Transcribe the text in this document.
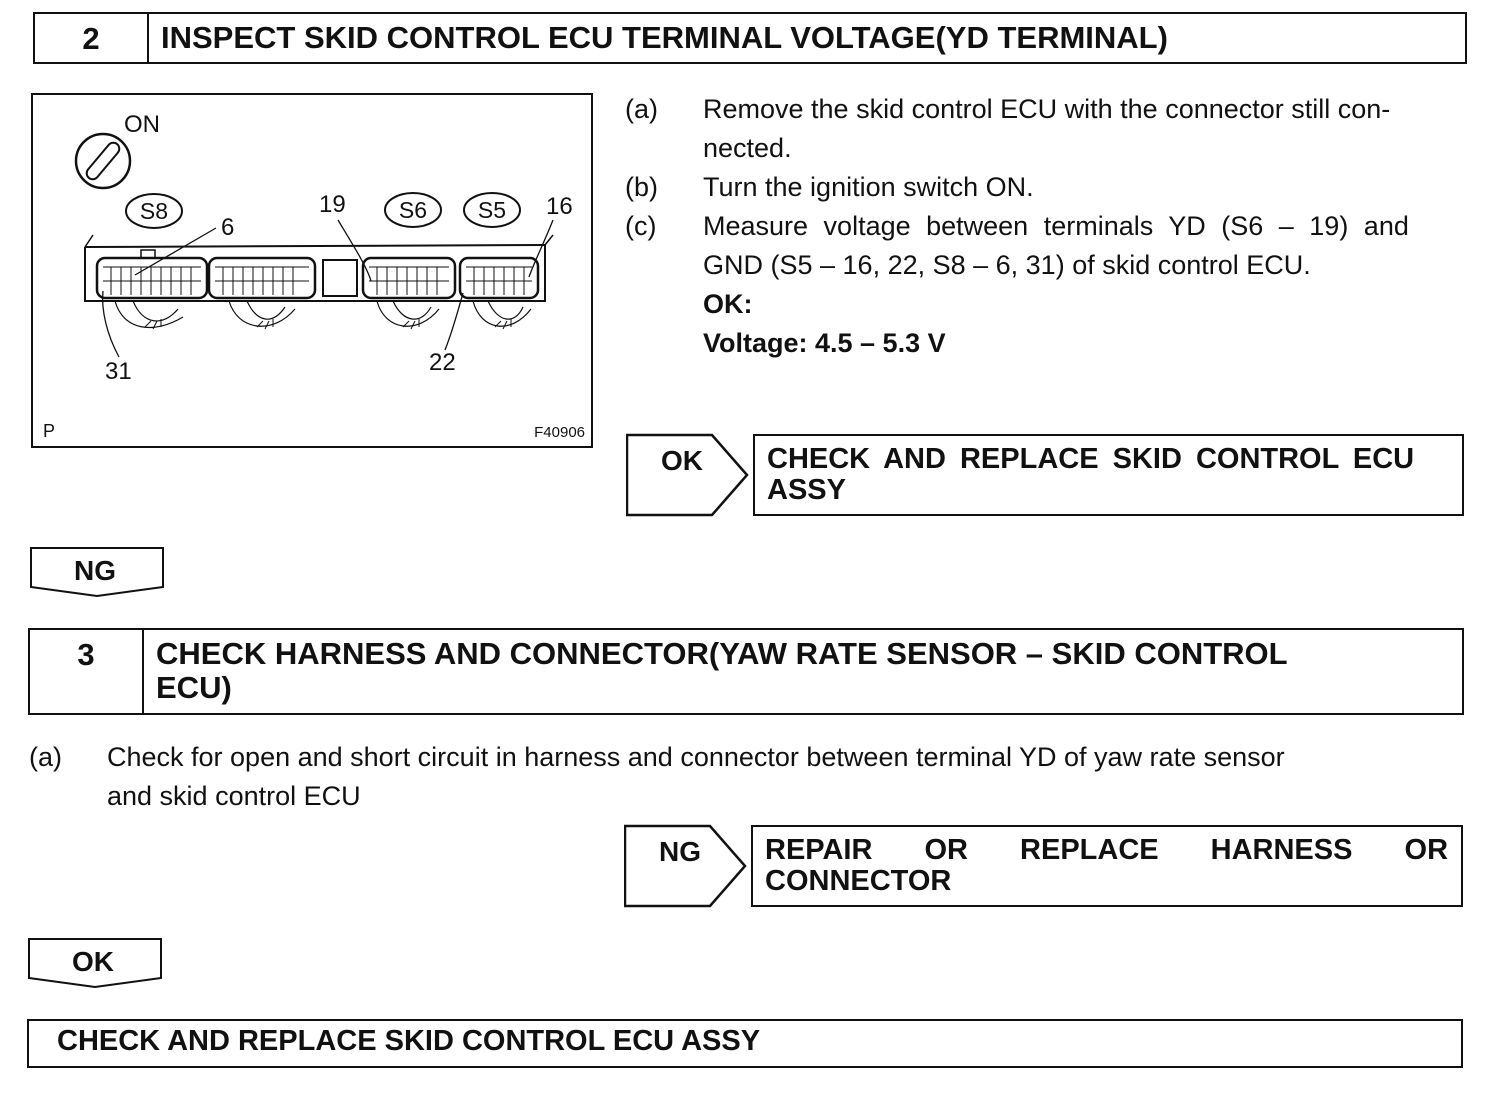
2	INSPECT SKID CONTROL ECU TERMINAL VOLTAGE(YD TERMINAL)
ON
S8	S6 S5
6
19	16
31	22
P	F40906
(a) Remove the skid control ECU with the connector still con-
nected.
(b) Turn the ignition switch ON.
(c) Measure voltage between terminals YD (S6 – 19) and
GND (S5 – 16, 22, S8 – 6, 31) of skid control ECU.
OK:
Voltage: 4.5 – 5.3 V
OK CHECK AND REPLACE SKID CONTROL ECU
ASSY
NG
3	CHECK HARNESS AND CONNECTOR(YAW RATE SENSOR – SKID CONTROL
ECU)
(a) Check for open and short circuit in harness and connector between terminal YD of yaw rate sensor
and skid control ECU
NG REPAIR OR REPLACE HARNESS OR
CONNECTOR
OK
CHECK AND REPLACE SKID CONTROL ECU ASSY
